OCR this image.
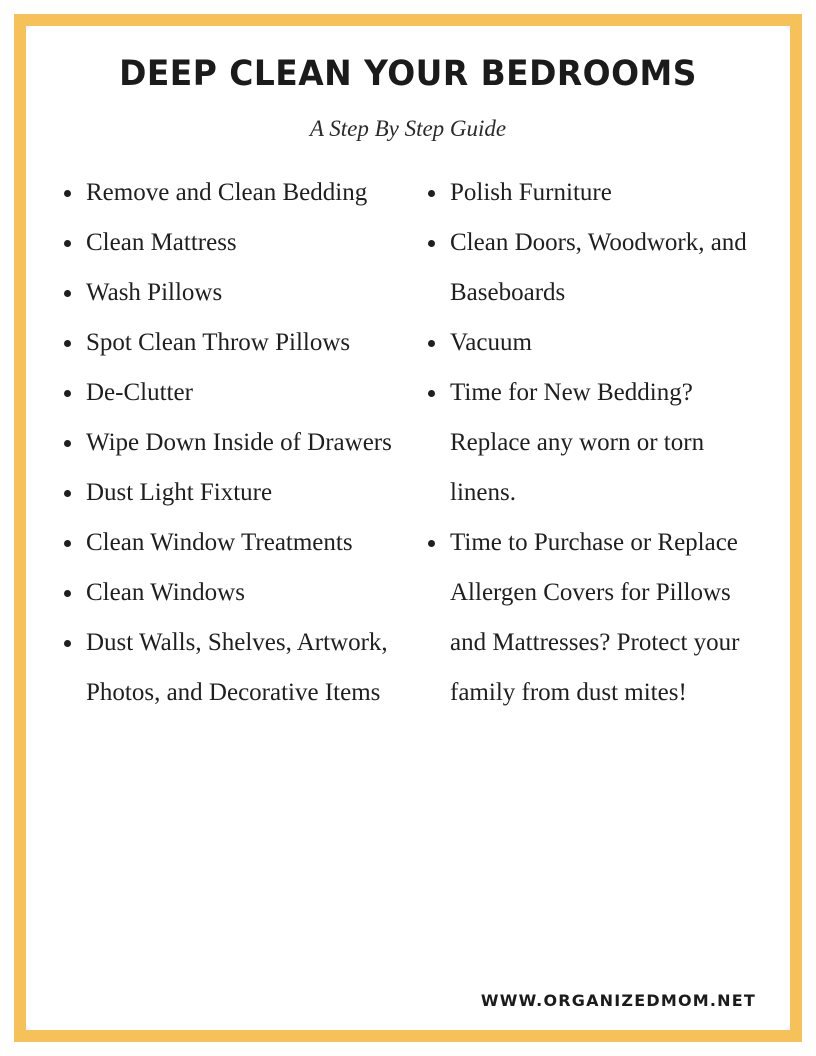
DEEP CLEAN YOUR BEDROOMS
A Step By Step Guide
Remove and Clean Bedding
Clean Mattress
Wash Pillows
Spot Clean Throw Pillows
De-Clutter
Wipe Down Inside of Drawers
Dust Light Fixture
Clean Window Treatments
Clean Windows
Dust Walls, Shelves, Artwork, Photos, and Decorative Items
Polish Furniture
Clean Doors, Woodwork, and Baseboards
Vacuum
Time for New Bedding? Replace any worn or torn linens.
Time to Purchase or Replace Allergen Covers for Pillows and Mattresses? Protect your family from dust mites!
WWW.ORGANIZEDMOM.NET
